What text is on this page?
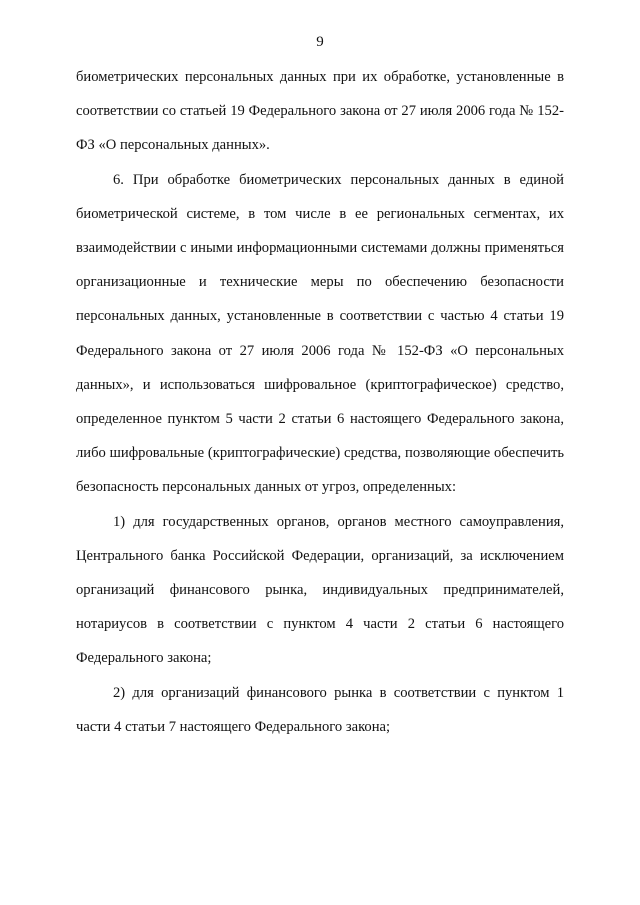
9

биометрических персональных данных при их обработке, установленные в соответствии со статьей 19 Федерального закона от 27 июля 2006 года № 152-ФЗ «О персональных данных».

6. При обработке биометрических персональных данных в единой биометрической системе, в том числе в ее региональных сегментах, их взаимодействии с иными информационными системами должны применяться организационные и технические меры по обеспечению безопасности персональных данных, установленные в соответствии с частью 4 статьи 19 Федерального закона от 27 июля 2006 года № 152-ФЗ «О персональных данных», и использоваться шифровальное (криптографическое) средство, определенное пунктом 5 части 2 статьи 6 настоящего Федерального закона, либо шифровальные (криптографические) средства, позволяющие обеспечить безопасность персональных данных от угроз, определенных:

1) для государственных органов, органов местного самоуправления, Центрального банка Российской Федерации, организаций, за исключением организаций финансового рынка, индивидуальных предпринимателей, нотариусов в соответствии с пунктом 4 части 2 статьи 6 настоящего Федерального закона;

2) для организаций финансового рынка в соответствии с пунктом 1 части 4 статьи 7 настоящего Федерального закона;
